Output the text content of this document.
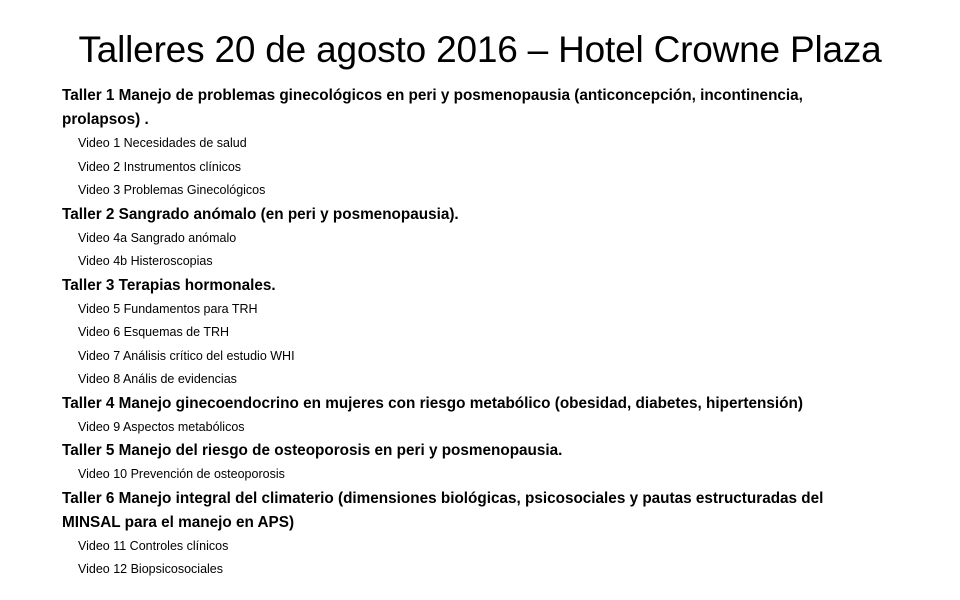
Talleres 20 de agosto 2016 – Hotel Crowne Plaza

Taller 1 Manejo de problemas ginecológicos en peri y posmenopausia (anticoncepción, incontinencia, prolapsos) .

Video 1 Necesidades de salud
Video 2 Instrumentos clínicos
Video 3 Problemas Ginecológicos

Taller 2 Sangrado anómalo (en peri y posmenopausia).

Video 4a Sangrado anómalo
Video 4b Histeroscopias

Taller 3 Terapias hormonales.

Video 5 Fundamentos para TRH
Video 6 Esquemas de TRH
Video 7 Análisis crítico del estudio WHI
Video 8 Anális de evidencias

Taller 4 Manejo ginecoendocrino en mujeres con riesgo metabólico (obesidad, diabetes, hipertensión)

Video 9 Aspectos metabólicos

Taller 5 Manejo del riesgo de osteoporosis en peri y posmenopausia.

Video 10 Prevención de osteoporosis

Taller 6 Manejo integral del climaterio (dimensiones biológicas, psicosociales y pautas estructuradas del MINSAL para el manejo en APS)

Video 11 Controles clínicos
Video 12 Biopsicosociales
